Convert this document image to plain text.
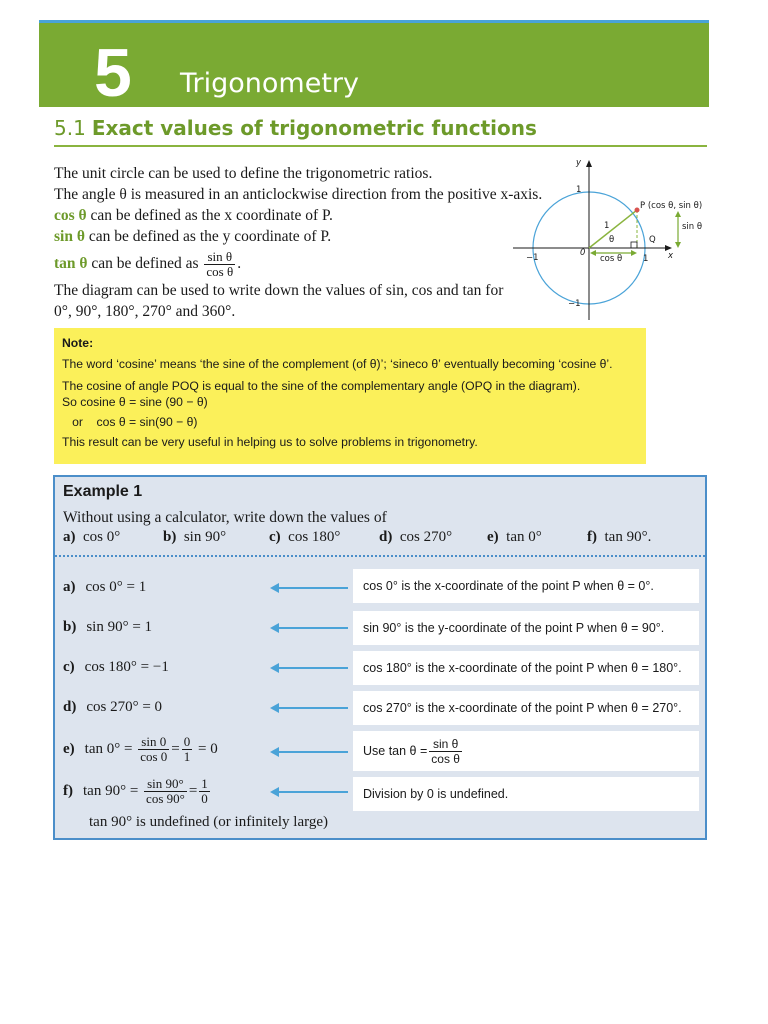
5 Trigonometry
5.1 Exact values of trigonometric functions
The unit circle can be used to define the trigonometric ratios.
The angle θ is measured in an anticlockwise direction from the positive x-axis.
cos θ can be defined as the x coordinate of P.
sin θ can be defined as the y coordinate of P.
tan θ can be defined as $\frac{\text{sin θ}}{\text{cos θ}}$ .
The diagram can be used to write down the values of sin, cos and tan for
0°, 90°, 180°, 270° and 360°.
y
x
1
−1
−1	1
0
P (cos θ, sin θ)
1
θ	Q
cos θ
sin θ
Note:
The word ‘cosine’ means ‘the sine of the complement (of θ)’; ‘sineco θ’ eventually becoming ‘cosine θ’.
The cosine of angle POQ is equal to the sine of the complementary angle (OPQ in the diagram).
So cosine θ = sine (90 − θ)
or    cos θ = sin(90 − θ)
This result can be very useful in helping us to solve problems in trigonometry.
Example 1
Without using a calculator, write down the values of
a) cos 0°	b) sin 90°	c) cos 180°	d) cos 270° e) tan 0°	f) tan 90°.
a) cos 0° = 1	cos 0° is the x-coordinate of the point P when θ = 0°.
b) sin 90° = 1	sin 90° is the y-coordinate of the point P when θ = 90°.
c) cos 180° = −1	cos 180° is the x-coordinate of the point P when θ = 180°.
d) cos 270° = 0	cos 270° is the x-coordinate of the point P when θ = 270°.
e) $\tan 0^\circ = \frac{\sin 0}{\cos 0} = \frac{0}{1} = 0$	Use $\tan \theta = \frac{\text{sin θ}}{\text{cos θ}}$
f) $\tan 90^\circ = \frac{\sin 90^\circ}{\cos 90^\circ} = \frac{1}{0}$	Division by 0 is undefined.
tan 90° is undefined (or infinitely large)
